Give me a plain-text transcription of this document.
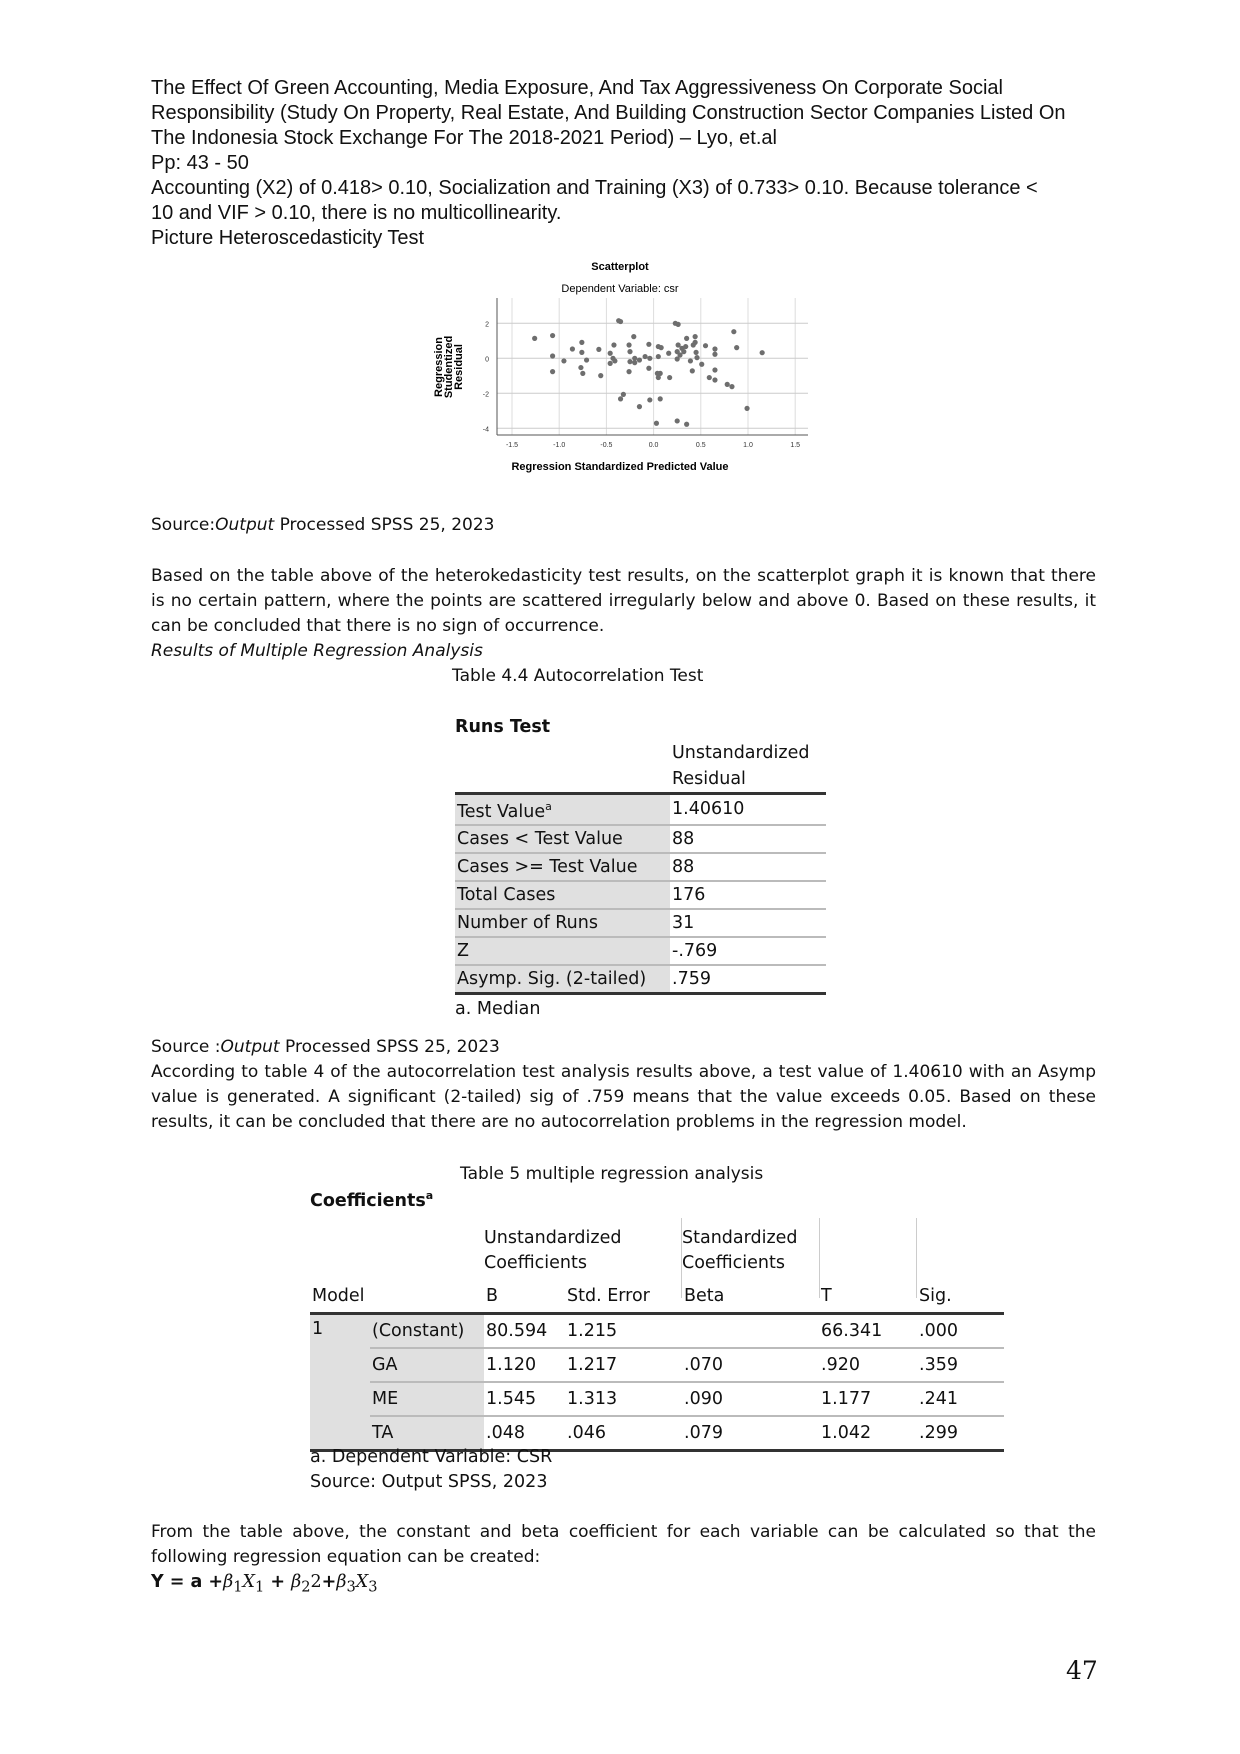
The Effect Of Green Accounting, Media Exposure, And Tax Aggressiveness On Corporate Social
Responsibility (Study On Property, Real Estate, And Building Construction Sector Companies Listed On
The Indonesia Stock Exchange For The 2018-2021 Period) – Lyo, et.al
Pp: 43 - 50
Accounting (X2) of 0.418> 0.10, Socialization and Training (X3) of 0.733> 0.10. Because tolerance <
10 and VIF > 0.10, there is no multicollinearity.
Picture Heteroscedasticity Test
Scatterplot
Dependent Variable: csr
-1.5	-1.0	-0.5	0.0	0.5	1.0	1.5
2
0
-2
-4
Regression Standardized Predicted Value
Regression
Studentized
Residual
Source:Output Processed SPSS 25, 2023
Based on the table above of the heterokedasticity test results, on the scatterplot graph it is known that there is no certain pattern, where the points are scattered irregularly below and above 0. Based on these results, it can be concluded that there is no sign of occurrence.
Results of Multiple Regression Analysis
Table 4.4 Autocorrelation Test
Runs Test
Unstandardized
Residual
Test Value$^a$	1.40610
Cases < Test Value	88
Cases >= Test Value	88
Total Cases	176
Number of Runs	31
Z	-.769
Asymp. Sig. (2-tailed)	.759
a. Median
Source :Output Processed SPSS 25, 2023
According to table 4 of the autocorrelation test analysis results above, a test value of 1.40610 with an Asymp value is generated. A significant (2-tailed) sig of .759 means that the value exceeds 0.05. Based on these results, it can be concluded that there are no autocorrelation problems in the regression model.
Table 5 multiple regression analysis
Coefficients$^a$
Unstandardized
Coefficients
Standardized
Coefficients
Model		B	Std. Error	Beta	T	Sig.
1	(Constant)	80.594	1.215		66.341	.000
	GA	1.120	1.217	.070	.920	.359
	ME	1.545	1.313	.090	1.177	.241
	TA	.048	.046	.079	1.042	.299
a. Dependent Variable: CSR
Source: Output SPSS, 2023
From the table above, the constant and beta coefficient for each variable can be calculated so that the following regression equation can be created:
$Y = a +\beta_1X_1 + \beta_22+\beta_3X_3$
47
